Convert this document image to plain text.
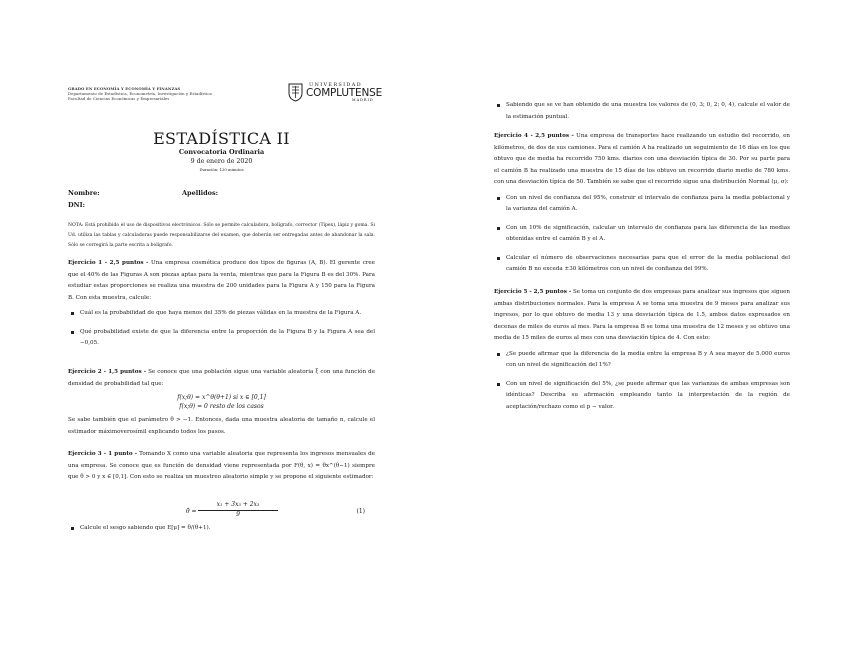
GRADO EN ECONOMÍA Y ECONOMÍA Y FINANZAS
Departamento de Estadística, Econometría, Investigación y Estadística
Facultad de Ciencias Económicas y Empresariales
UNIVERSIDAD
COMPLUTENSE
MADRID
ESTADÍSTICA II
Convocatoria Ordinaria
9 de enero de 2020
Duración: 120 minutos
Nombre:	Apellidos:
DNI:
NOTA: Está prohibido el uso de dispositivos electrónicos. Sólo se permite calculadora, bolígrafo, corrector (Típex), lápiz y goma. Si Ud. utiliza las tablas y calculadoras puede responsabilizarse del examen, que deberán ser entregadas antes de abandonar la sala. Sólo se corregirá la parte escrita a bolígrafo.
Ejercicio 1 - 2,5 puntos - Una empresa cosmética produce dos tipos de figuras (A, B). El gerente cree que el 40% de las Figuras A son piezas aptas para la venta, mientras que para la Figura B es del 30%. Para estudiar estas proporciones se realiza una muestra de 200 unidades para la Figura A y 150 para la Figura B. Con esta muestra, calcule:
Cuál es la probabilidad de que haya menos del 35% de piezas válidas en la muestra de la Figura A.
Qué probabilidad existe de que la diferencia entre la proporción de la Figura B y la Figura A sea del −0,05.
Ejercicio 2 - 1,5 puntos - Se conoce que una población sigue una variable aleatoria ξ con una función de densidad de probabilidad tal que:
f(x;θ) = x^θ(θ+1) si x ∈ [0,1]
f(x;θ) = 0 resto de los casos
Se sabe también que el parámetro θ > −1. Entonces, dada una muestra aleatoria de tamaño n, calcule el estimador máximoverosímil explicando todos los pasos.
Ejercicio 3 - 1 punto - Tomando X como una variable aleatoria que representa los ingresos mensuales de una empresa. Se conoce que es función de densidad viene representada por F(θ, x) = θx^(θ−1) siempre que θ > 0 y x ∈ [0,1]. Con esto se realiza un muestreo aleatorio simple y se propone el siguiente estimador:
θ̂ = $\frac{\text{x₁ + 3x₃ + 2x₃}}{9}$	(1)
Calcule el sesgo sabiendo que E[μ] = θ/(θ+1).
Sabiendo que se ve han obtenido de una muestra los valores de (0, 3; 0, 2; 0, 4), calcule el valor de la estimación puntual.
Ejercicio 4 - 2,5 puntos - Una empresa de transportes hace realizando un estudio del recorrido, en kilómetros, de dos de sus camiones. Para el camión A ha realizado un seguimiento de 16 días en los que obtuvo que de media ha recorrido 750 kms. diarios con una desviación típica de 30. Por su parte para el camión B ha realizado una muestra de 15 días de los obtuvo un recorrido diario medio de 780 kms. con una desviación típica de 50. También se sabe que el recorrido sigue una distribución Normal (μ, σ):
Con un nivel de confianza del 95%, construir el intervalo de confianza para la media poblacional y la varianza del camión A.
Con un 10% de significación, calcular un intervalo de confianza para las diferencia de las medias obtenidas entre el camión B y el A.
Calcular el número de observaciones necesarias para que el error de la media poblacional del camión B no exceda ±30 kilómetros con un nivel de confianza del 99%.
Ejercicio 5 - 2,5 puntos - Se toma un conjunto de dos empresas para analizar sus ingresos que siguen ambas distribuciones normales. Para la empresa A se toma una muestra de 9 meses para analizar sus ingresos, por lo que obtuvo de media 13 y una desviación típica de 1.5, ambos datos expresados en decenas de miles de euros al mes. Para la empresa B se toma una muestra de 12 meses y se obtuvo una media de 15 miles de euros al mes con una desviación típica de 4. Con esto:
¿Se puede afirmar que la diferencia de la media entre la empresa B y A sea mayor de 5.000 euros con un nivel de significación del 1%?
Con un nivel de significación del 5%, ¿se puede afirmar que las varianzas de ambas empresas son idénticas? Describa su afirmación empleando tanto la interpretación de la región de aceptación/rechazo como el p − valor.
